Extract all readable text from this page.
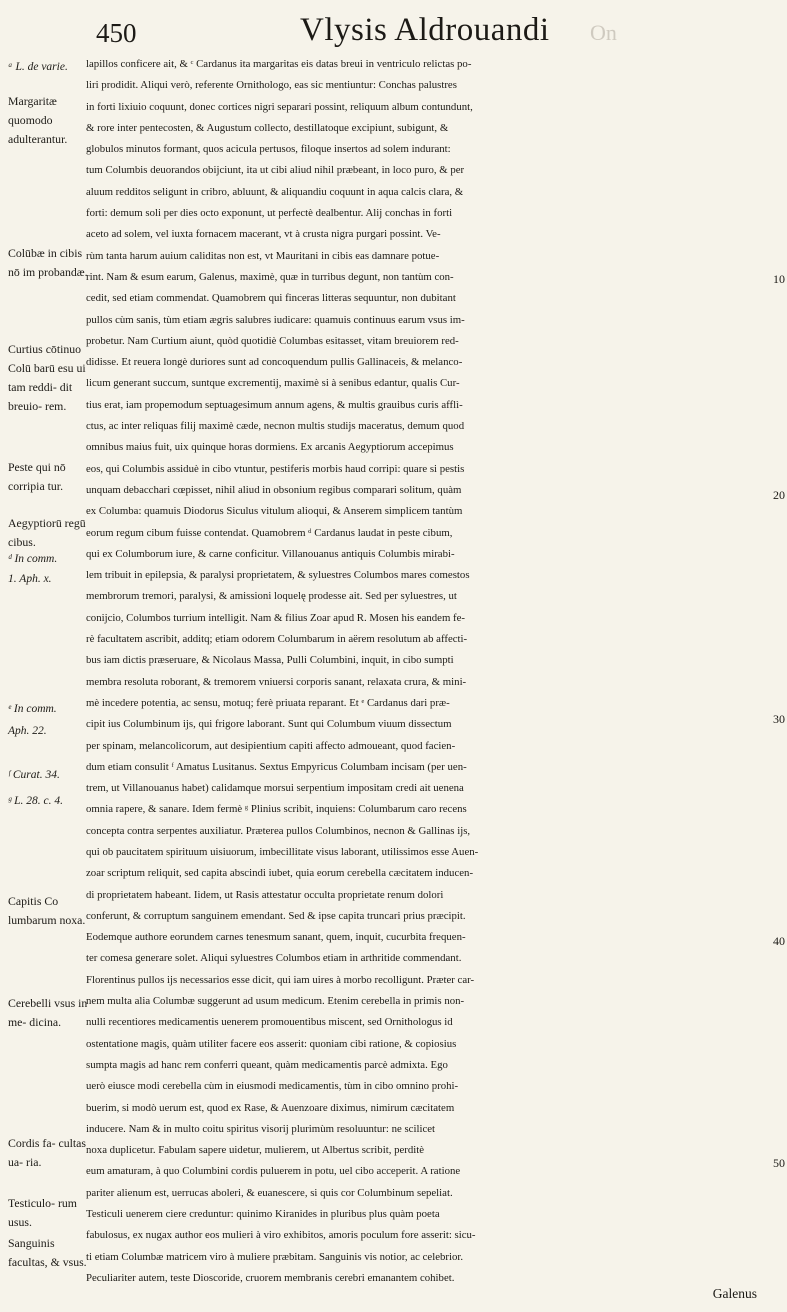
450	Vlysis Aldrouandi On
ᵃ L. de varie.
Margaritæ quomodo adulterantur.
Colūbæ in cibis nō im probandæ.
Curtius cōtinuo Colū barū esu ui tam reddi- dit breuio- rem.
Peste qui nō corripia tur.
Aegyptiorū regū cibus.
ᵈ In comm.
1. Aph. x.
ᵉ In comm.
Aph. 22.
ᶠ Curat. 34.
ᵍ L. 28. c. 4.
Capitis Co lumbarum noxa.
Cerebelli vsus in me- dicina.
Cordis fa- cultas ua- ria.
Testiculo- rum usus.
Sanguinis facultas, & vsus.
lapillos conficere ait, & ᶜ Cardanus ita margaritas eis datas breui in ventriculo relictas po-
liri prodidit. Aliqui verò, referente Ornithologo, eas sic mentiuntur: Conchas palustres
in forti lixiuio coquunt, donec cortices nigri separari possint, reliquum album contundunt,
& rore inter pentecosten, & Augustum collecto, destillatoque excipiunt, subigunt, &
globulos minutos formant, quos acicula pertusos, filoque insertos ad solem indurant:
tum Columbis deuorandos obijciunt, ita ut cibi aliud nihil præbeant, in loco puro, & per
aluum redditos seligunt in cribro, abluunt, & aliquandiu coquunt in aqua calcis clara, &
forti: demum soli per dies octo exponunt, ut perfectè dealbentur. Alij conchas in forti
aceto ad solem, vel iuxta fornacem macerant, vt à crusta nigra purgari possint. Ve-
rùm tanta harum auium caliditas non est, vt Mauritani in cibis eas damnare potue-
rint. Nam & esum earum, Galenus, maximè, quæ in turribus degunt, non tantùm con-
cedit, sed etiam commendat. Quamobrem qui finceras litteras sequuntur, non dubitant
pullos cùm sanis, tùm etiam ægris salubres iudicare: quamuis continuus earum vsus im-
probetur. Nam Curtium aiunt, quòd quotidiè Columbas esitasset, vitam breuiorem red-
didisse. Et reuera longè duriores sunt ad concoquendum pullis Gallinaceis, & melanco-
licum generant succum, suntque excrementij, maximè si à senibus edantur, qualis Cur-
tius erat, iam propemodum septuagesimum annum agens, & multis grauibus curis afflì-
ctus, ac inter reliquas filij maximè cæde, necnon multis studijs maceratus, demum quod
omnibus maius fuit, uix quinque horas dormiens. Ex arcanis Aegyptiorum accepimus
eos, qui Columbis assiduè in cibo vtuntur, pestiferis morbis haud corripi: quare si pestis
unquam debacchari cœpisset, nihil aliud in obsonium regibus comparari solitum, quàm
ex Columba: quamuis Diodorus Siculus vitulum alioqui, & Anserem simplicem tantùm
eorum regum cibum fuisse contendat. Quamobrem ᵈ Cardanus laudat in peste cibum,
qui ex Columborum iure, & carne conficitur. Villanouanus antiquis Columbis mirabi-
lem tribuit in epilepsia, & paralysi proprietatem, & syluestres Columbos mares comestos
membrorum tremori, paralysi, & amissioni loquelę prodesse ait. Sed per syluestres, ut
conijcio, Columbos turrium intelligit. Nam & filius Zoar apud R. Mosen his eandem fe-
rè facultatem ascribit, additq; etiam odorem Columbarum in aërem resolutum ab affecti-
bus iam dictis præseruare, & Nicolaus Massa, Pulli Columbini, inquit, in cibo sumpti
membra resoluta roborant, & tremorem vniuersi corporis sanant, relaxata crura, & mini-
mè incedere potentia, ac sensu, motuq; ferè priuata reparant. Et ᵉ Cardanus dari præ-
cipit ius Columbinum ijs, qui frigore laborant. Sunt qui Columbum viuum dissectum
per spinam, melancolicorum, aut desipientium capiti affecto admoueant, quod facien-
dum etiam consulit ᶠ Amatus Lusitanus. Sextus Empyricus Columbam incisam (per uen-
trem, ut Villanouanus habet) calidamque morsui serpentium impositam credi ait uenena
omnia rapere, & sanare. Idem fermè ᵍ Plinius scribit, inquiens: Columbarum caro recens
concepta contra serpentes auxiliatur. Præterea pullos Columbinos, necnon & Gallinas ijs,
qui ob paucitatem spirituum uisiuorum, imbecillitate visus laborant, utilissimos esse Auen-
zoar scriptum reliquit, sed capita abscindi iubet, quia eorum cerebella cæcitatem inducen-
di proprietatem habeant. Iidem, ut Rasis attestatur occulta proprietate renum dolori
conferunt, & corruptum sanguinem emendant. Sed & ipse capita truncari prius præcipit.
Eodemque authore eorundem carnes tenesmum sanant, quem, inquit, cucurbita frequen-
ter comesa generare solet. Aliqui syluestres Columbos etiam in arthritide commendant.
Florentinus pullos ijs necessarios esse dicit, qui iam uires à morbo recolligunt. Præter car-
nem multa alia Columbæ suggerunt ad usum medicum. Etenim cerebella in primis non-
nulli recentiores medicamentis uenerem promouentibus miscent, sed Ornithologus id
ostentatione magis, quàm utiliter facere eos asserit: quoniam cibi ratione, & copiosius
sumpta magis ad hanc rem conferri queant, quàm medicamentis parcè admixta. Ego
uerò eiusce modi cerebella cùm in eiusmodi medicamentis, tùm in cibo omnino prohi-
buerim, si modò uerum est, quod ex Rase, & Auenzoare diximus, nimirum cæcitatem
inducere. Nam & in multo coitu spiritus visorij plurimùm resoluuntur: ne scilicet
noxa duplicetur. Fabulam sapere uidetur, mulierem, ut Albertus scribit, perditè
eum amaturam, à quo Columbini cordis puluerem in potu, uel cibo acceperit. A ratione
pariter alienum est, uerrucas aboleri, & euanescere, si quis cor Columbinum sepeliat.
Testiculi uenerem ciere creduntur: quinimo Kiranides in pluribus plus quàm poeta
fabulosus, ex nugax author eos mulieri à viro exhibitos, amoris poculum fore asserit: sicu-
ti etiam Columbæ matricem viro à muliere præbitam. Sanguinis vis notior, ac celebrior.
Peculiariter autem, teste Dioscoride, cruorem membranis cerebri emanantem cohibet.
10
20
30
40
50
Galenus
